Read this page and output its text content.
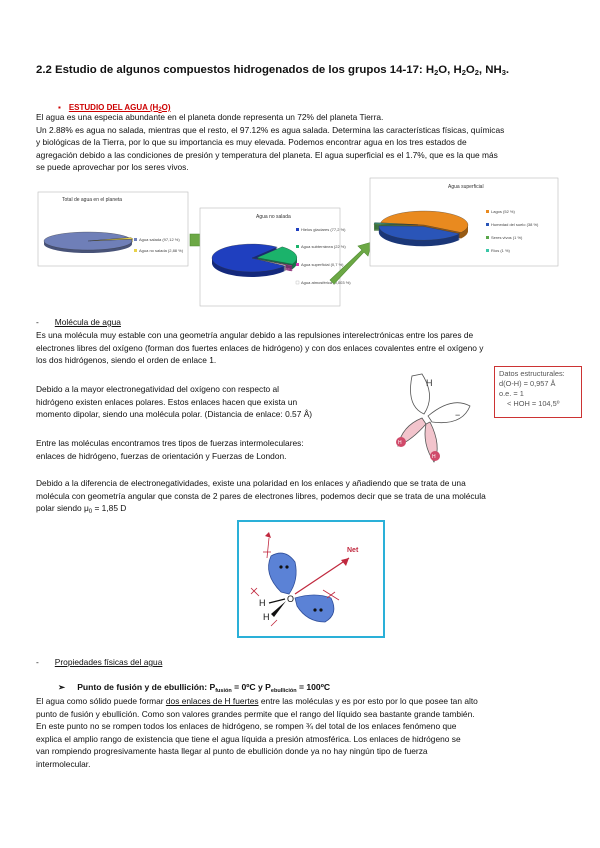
2.2 Estudio de algunos compuestos hidrogenados de los grupos 14-17: $H_2O$, $H_2O_2$, $NH_3$.
▪ ESTUDIO DEL AGUA (H2O)
El agua es una especia abundante en el planeta donde representa un 72% del planeta Tierra.
Un 2.88% es agua no salada, mientras que el resto, el 97.12% es agua salada. Determina las características físicas, químicas
y biológicas de la Tierra, por lo que su importancia es muy elevada. Podemos encontrar agua en los tres estados de
agregación debido a las condiciones de presión y temperatura del planeta. El agua superficial es el 1.7%, que es la que más
se puede aprovechar por los seres vivos.
Total de agua en el planeta
Agua salada (97,12 %)
Agua no salada (2,88 %)
Agua no salada
Hielos glaciares (77,2 %)
Agua subterránea (22 %)
Agua superficial (0,7 %)
Agua atmosférica (0,003 %)
Agua superficial
Lagos (52 %)
Humedad del suelo (38 %)
Seres vivos (1 %)
Ríos (1 %)
- Molécula de agua
Es una molécula muy estable con una geometría angular debido a las repulsiones interelectrónicas entre los pares de
electrones libres del oxígeno (forman dos fuertes enlaces de hidrógeno) y con dos enlaces covalentes entre el oxígeno y
los dos hidrógenos, siendo el orden de enlace 1.
Debido a la mayor electronegatividad del oxígeno con respecto al
hidrógeno existen enlaces polares. Estos enlaces hacen que exista un
momento dipolar, siendo una molécula polar. (Distancia de enlace: 0.57 Å)
Entre las moléculas encontramos tres tipos de fuerzas intermoleculares:
enlaces de hidrógeno, fuerzas de orientación y Fuerzas de London.
H
−
H
H
Datos estructurales:
d(O-H) = 0,957 Å
o.e. = 1
< HOH = 104,5º
Debido a la diferencia de electronegatividades, existe una polaridad en los enlaces y añadiendo que se trata de una
molécula con geometría angular que consta de 2 pares de electrones libres, podemos decir que se trata de una molécula
polar siendo $\mu_0 = 1,85$ D
O
H
H
Net
- Propiedades físicas del agua
➢ Punto de fusión y de ebullición: $P_{fusión}$ = 0ºC y $P_{ebullición}$ = 100ºC
El agua como sólido puede formar dos enlaces de H fuertes entre las moléculas y es por esto por lo que posee tan alto
punto de fusión y ebullición. Como son valores grandes permite que el rango del líquido sea bastante grande también.
En este punto no se rompen todos los enlaces de hidrógeno, se rompen ¾ del total de los enlaces fenómeno que
explica el amplio rango de existencia que tiene el agua líquida a presión atmosférica. Los enlaces de hidrógeno se
van rompiendo progresivamente hasta llegar al punto de ebullición donde ya no hay ningún tipo de fuerza
intermolecular.
